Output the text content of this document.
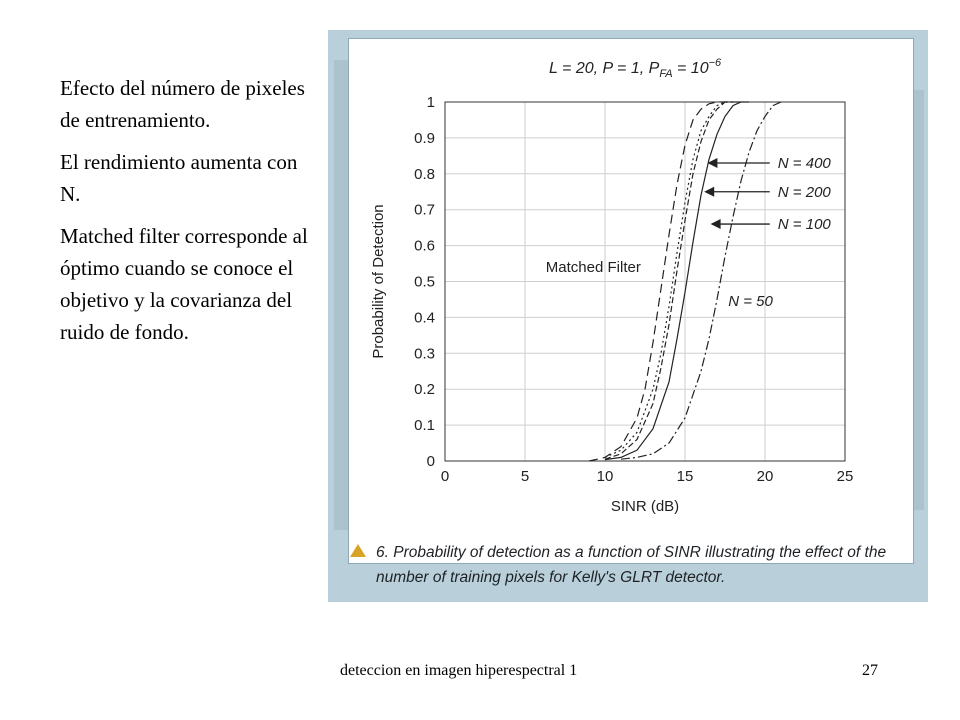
Efecto del número de pixeles de entrenamiento.

El rendimiento aumenta con N.

Matched filter corresponde al óptimo cuando se conoce el objetivo y la covarianza del ruido de fondo.

0	5	10	15	20	25
0
0.1
0.2
0.3
0.4
0.5
0.6
0.7
0.8
0.9
1
SINR (dB)
Probability of Detection
L = 20, P = 1, $P_{FA} = 10^{-6}$
N = 400
N = 200
N = 100
Matched Filter
N = 50
6. Probability of detection as a function of SINR illustrating the effect of the number of training pixels for Kelly's GLRT detector.
deteccion en imagen hiperespectral 1	27
